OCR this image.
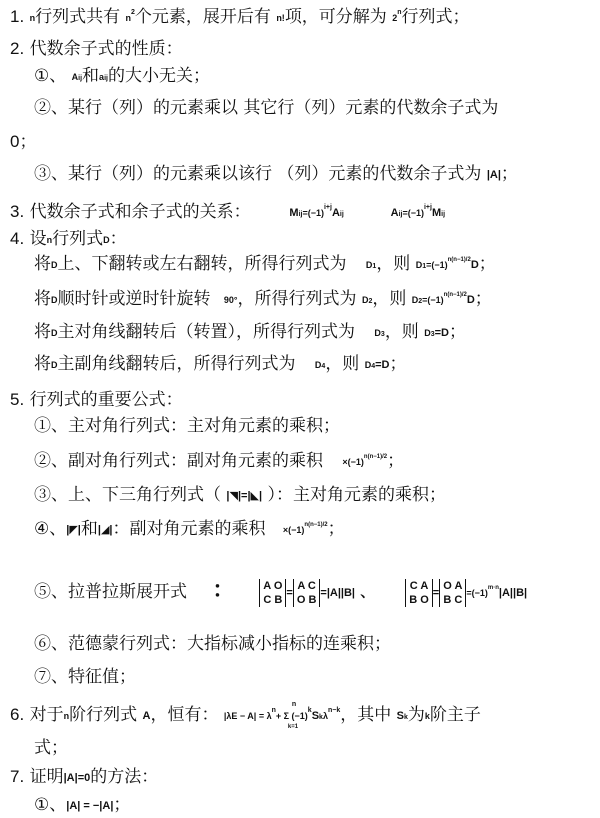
1. n行列式共有 $n^2$个元素，展开后有 n!项，可分解为 2$^n$行列式；
2. 代数余子式的性质：
①、 Aij和aij的大小无关；
②、某行（列）的元素乘以 其它行（列）元素的代数余子式为
0；
③、某行（列）的元素乘以该行 （列）元素的代数余子式为 |A|；
3. 代数余子式和余子式的关系：	$Mij=(-1)^{i+j}Aij$	$Aij=(-1)^{i+j}Mij$
4. 设n行列式D：
将D上、下翻转或左右翻转，所得行列式为 D1，则 $D1=(-1)^{n(n-1)/2}D$；
将D顺时针或逆时针旋转 90°，所得行列式为 D2，则 $D2=(-1)^{n(n-1)/2}D$；
将D主对角线翻转后（转置），所得行列式为 D3，则 D3=D；
将D主副角线翻转后，所得行列式为 D4，则 D4=D；
5. 行列式的重要公式：
①、主对角行列式：主对角元素的乘积；
②、副对角行列式：副对角元素的乘积 $\times(-1)^{n(n-1)/2}$；
③、上、下三角行列式（ |◥|=|◣| ）：主对角元素的乘积；
④、|◤|和|◢|：副对角元素的乘积 $\times(-1)^{n(n-1)/2}$；
⑤、拉普拉斯展开式 ：	A O
C B=A C
O B=|A||B| 、	C A
B O=O A
B $C=(-1)^{m\cdot n}|A||B|$
⑥、范德蒙行列式：大指标减小指标的连乘积；
⑦、特征值；
6. 对于n阶行列式 A，恒有： $|\lambda E - A| = \lambda^n$
n
k=1
+ Σ $(-1)^kSk\lambda^{n-k}$，其中 Sk为k阶主子
式；
7. 证明|A|=0的方法：
①、|A| = −|A|；
